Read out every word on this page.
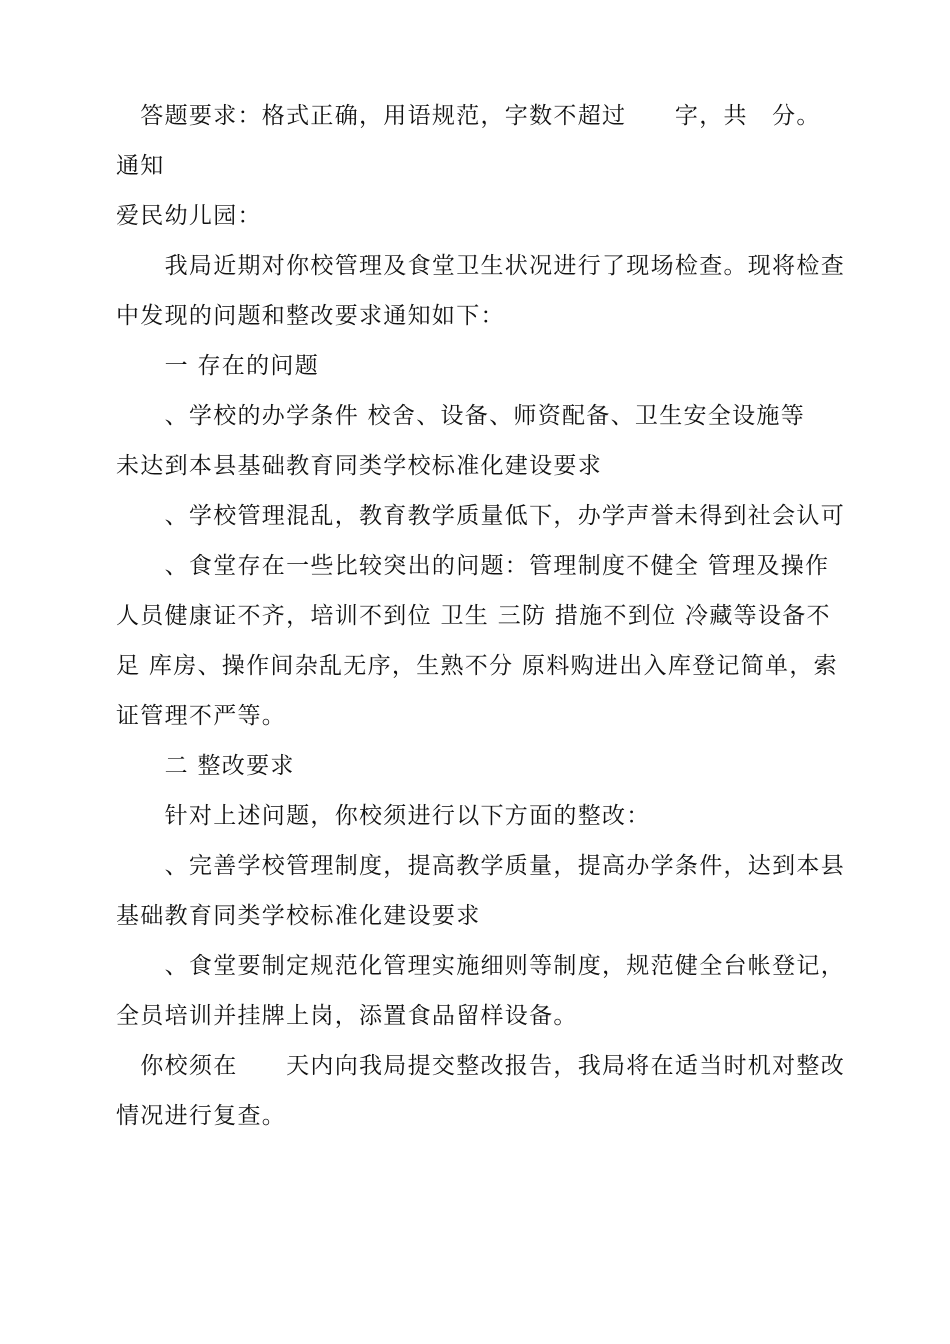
　答题要求：格式正确，用语规范，字数不超过　　字，共　分。
通知
爱民幼儿园：
　　我局近期对你校管理及食堂卫生状况进行了现场检查。现将检查
中发现的问题和整改要求通知如下：
　　一 存在的问题
　　、学校的办学条件 校舍、设备、师资配备、卫生安全设施等
未达到本县基础教育同类学校标准化建设要求
　　、学校管理混乱，教育教学质量低下，办学声誉未得到社会认可
　　、食堂存在一些比较突出的问题：管理制度不健全 管理及操作
人员健康证不齐，培训不到位 卫生 三防 措施不到位 冷藏等设备不
足 库房、操作间杂乱无序，生熟不分 原料购进出入库登记简单，索
证管理不严等。
　　二 整改要求
　　针对上述问题，你校须进行以下方面的整改：
　　、完善学校管理制度，提高教学质量，提高办学条件，达到本县
基础教育同类学校标准化建设要求
　　、食堂要制定规范化管理实施细则等制度，规范健全台帐登记，
全员培训并挂牌上岗，添置食品留样设备。
　你校须在　　天内向我局提交整改报告，我局将在适当时机对整改
情况进行复查。
